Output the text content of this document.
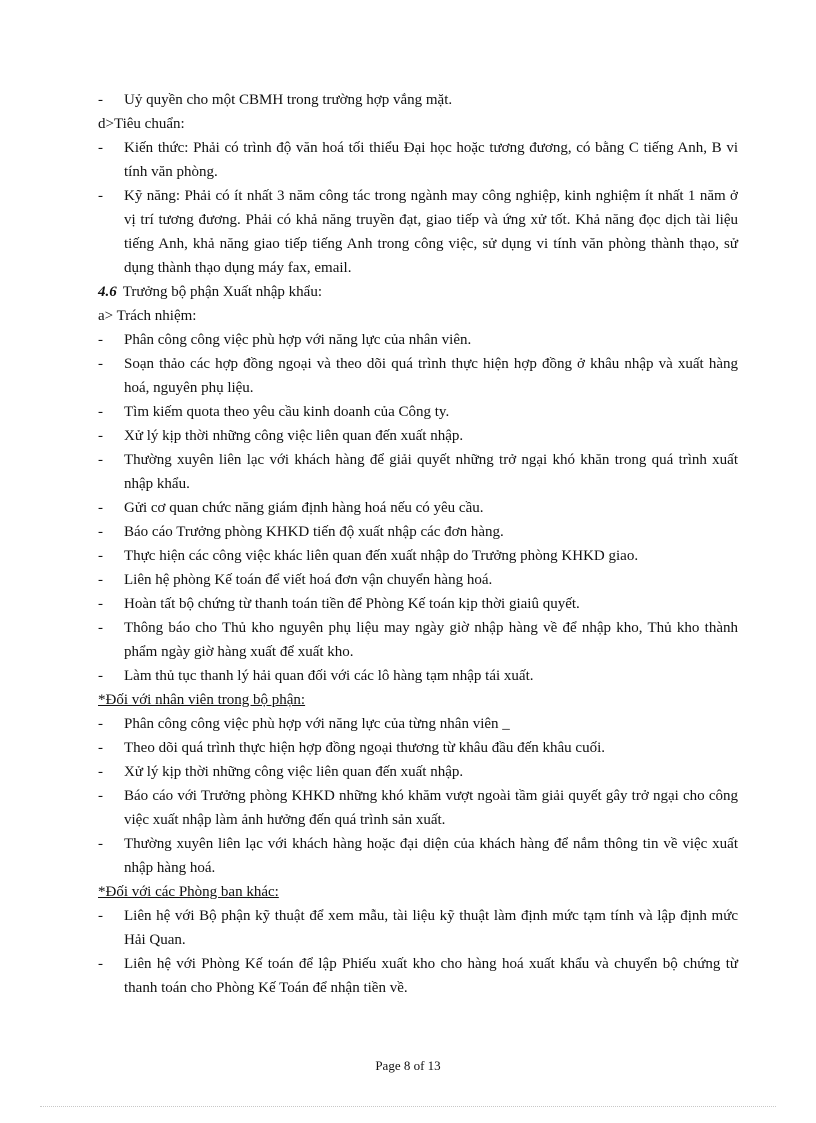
- Uỷ quyền cho một CBMH trong trường hợp vắng mặt.
d>Tiêu chuẩn:
- Kiến thức: Phải có trình độ văn hoá tối thiểu Đại học hoặc tương đương, có bằng C tiếng Anh, B vi tính văn phòng.
- Kỹ năng: Phải có ít nhất 3 năm công tác trong ngành may công nghiệp, kinh nghiệm ít nhất 1 năm ở vị trí tương đương. Phải có khả năng truyền đạt, giao tiếp và ứng xử tốt. Khả năng đọc dịch tài liệu tiếng Anh, khả năng giao tiếp tiếng Anh trong công việc, sử dụng vi tính văn phòng thành thạo, sử dụng thành thạo dụng máy fax, email.
4.6 Trưởng bộ phận Xuất nhập khẩu:
a> Trách nhiệm:
- Phân công công việc phù hợp với năng lực của nhân viên.
- Soạn thảo các hợp đồng ngoại và theo dõi quá trình thực hiện hợp đồng ở khâu nhập và xuất hàng hoá, nguyên phụ liệu.
- Tìm kiếm quota theo yêu cầu kinh doanh của Công ty.
- Xử lý kịp thời những công việc liên quan đến xuất nhập.
- Thường xuyên liên lạc với khách hàng để giải quyết những trở ngại khó khăn trong quá trình xuất nhập khẩu.
- Gửi cơ quan chức năng giám định hàng hoá nếu có yêu cầu.
- Báo cáo Trưởng phòng KHKD tiến độ xuất nhập các đơn hàng.
- Thực hiện các công việc khác liên quan đến xuất nhập do Trưởng phòng KHKD giao.
- Liên hệ phòng Kế toán để viết hoá đơn vận chuyển hàng hoá.
- Hoàn tất bộ chứng từ thanh toán tiền để Phòng Kế toán kịp thời giaiû quyết.
- Thông báo cho Thủ kho nguyên phụ liệu may ngày giờ nhập hàng về để nhập kho, Thủ kho thành phẩm ngày giờ hàng xuất để xuất kho.
- Làm thủ tục thanh lý hải quan đối với các lô hàng tạm nhập tái xuất.
*Đối với nhân viên trong bộ phận:
- Phân công công việc phù hợp với năng lực của từng nhân viên _
- Theo dõi quá trình thực hiện hợp đồng ngoại thương từ khâu đầu đến khâu cuối.
- Xử lý kịp thời những công việc liên quan đến xuất nhập.
- Báo cáo với Trưởng phòng KHKD những khó khăm vượt ngoài tầm giải quyết gây trở ngại cho công việc xuất nhập làm ảnh hưởng đến quá trình sản xuất.
- Thường xuyên liên lạc với khách hàng hoặc đại diện của khách hàng để nắm thông tin về việc xuất nhập hàng hoá.
*Đối với các Phòng ban khác:
- Liên hệ với Bộ phận kỹ thuật để xem mẫu, tài liệu kỹ thuật làm định mức tạm tính và lập định mức Hải Quan.
- Liên hệ với Phòng Kế toán để lập Phiếu xuất kho cho hàng hoá xuất khẩu và chuyển bộ chứng từ thanh toán cho Phòng Kế Toán để nhận tiền về.
Page 8 of 13
